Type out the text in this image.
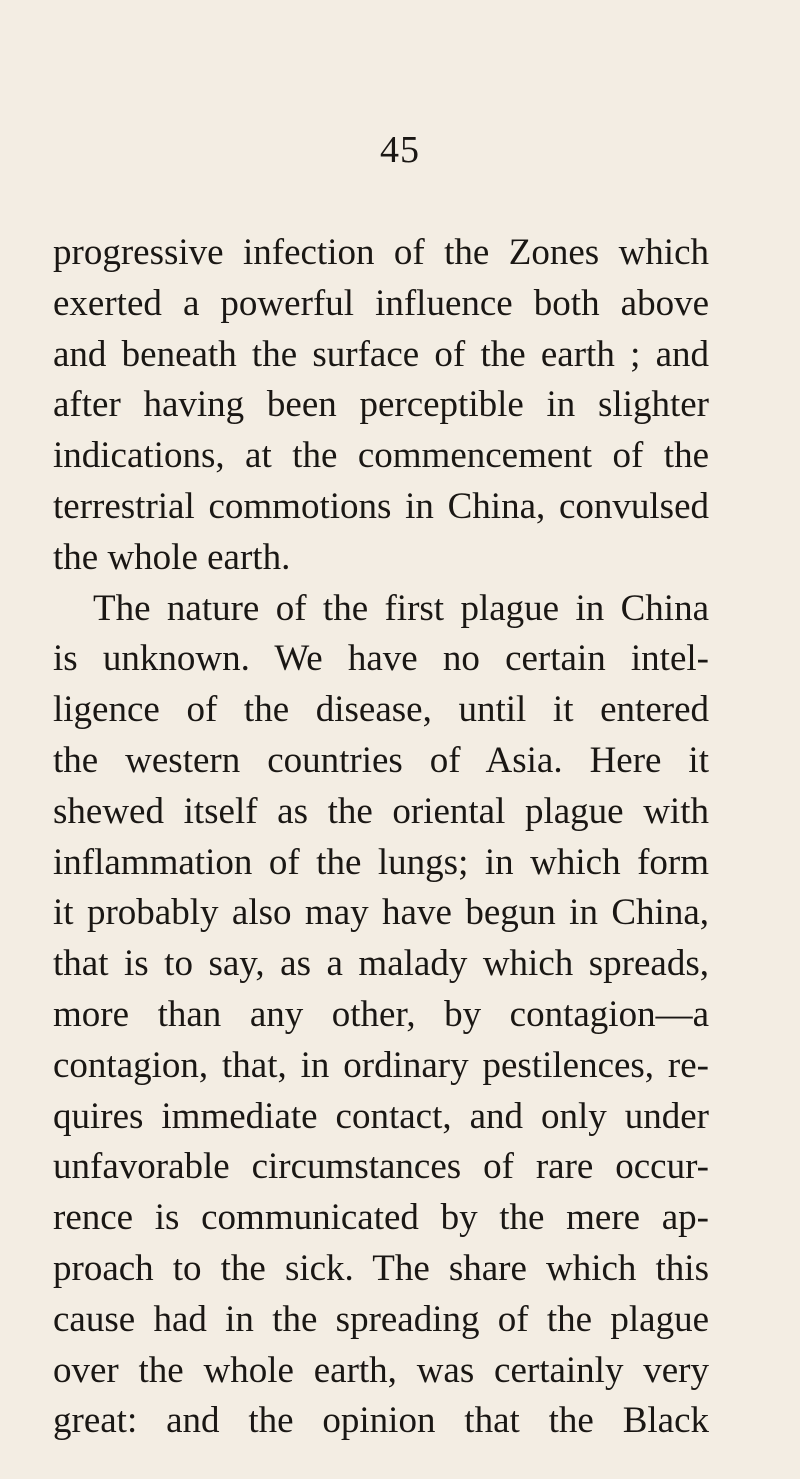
45
progressive infection of the Zones which
exerted a powerful influence both above
and beneath the surface of the earth ; and
after having been perceptible in slighter
indications, at the commencement of the
terrestrial commotions in China, convulsed
the whole earth.
The nature of the first plague in China
is unknown. We have no certain intel-
ligence of the disease, until it entered
the western countries of Asia. Here it
shewed itself as the oriental plague with
inflammation of the lungs; in which form
it probably also may have begun in China,
that is to say, as a malady which spreads,
more than any other, by contagion—a
contagion, that, in ordinary pestilences, re-
quires immediate contact, and only under
unfavorable circumstances of rare occur-
rence is communicated by the mere ap-
proach to the sick. The share which this
cause had in the spreading of the plague
over the whole earth, was certainly very
great: and the opinion that the Black
